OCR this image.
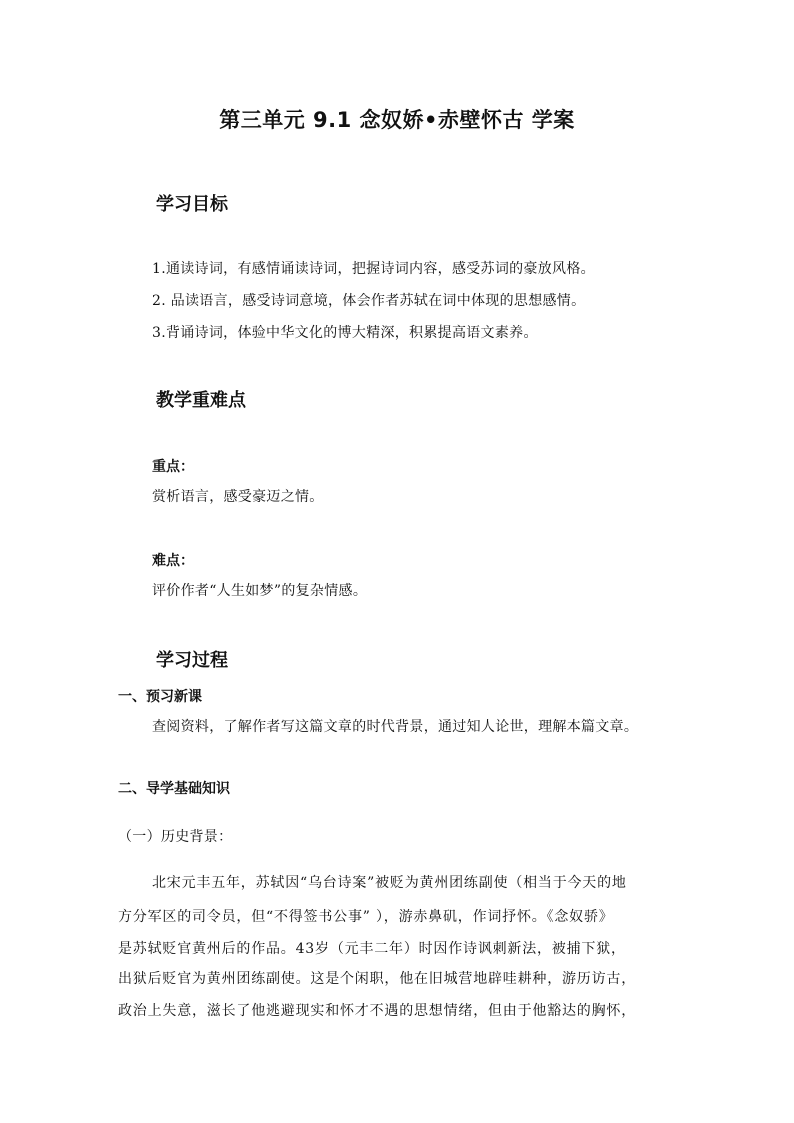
第三单元 9.1 念奴娇•赤壁怀古 学案
学习目标
1.通读诗词，有感情诵读诗词，把握诗词内容，感受苏词的豪放风格。
2. 品读语言，感受诗词意境，体会作者苏轼在词中体现的思想感情。
3.背诵诗词，体验中华文化的博大精深，积累提高语文素养。
教学重难点
重点：
赏析语言，感受豪迈之情。
难点：
评价作者“人生如梦”的复杂情感。
学习过程
一、预习新课
查阅资料，了解作者写这篇文章的时代背景，通过知人论世，理解本篇文章。
二、导学基础知识
（一）历史背景：
北宋元丰五年，苏轼因“乌台诗案”被贬为黄州团练副使（相当于今天的地
方分军区的司令员，但“不得签书公事” ），游赤鼻矶，作词抒怀。《念奴骄》
是苏轼贬官黄州后的作品。43岁（元丰二年）时因作诗讽刺新法，被捕下狱，
出狱后贬官为黄州团练副使。这是个闲职，他在旧城营地辟哇耕种，游历访古，
政治上失意，滋长了他逃避现实和怀才不遇的思想情绪，但由于他豁达的胸怀，
